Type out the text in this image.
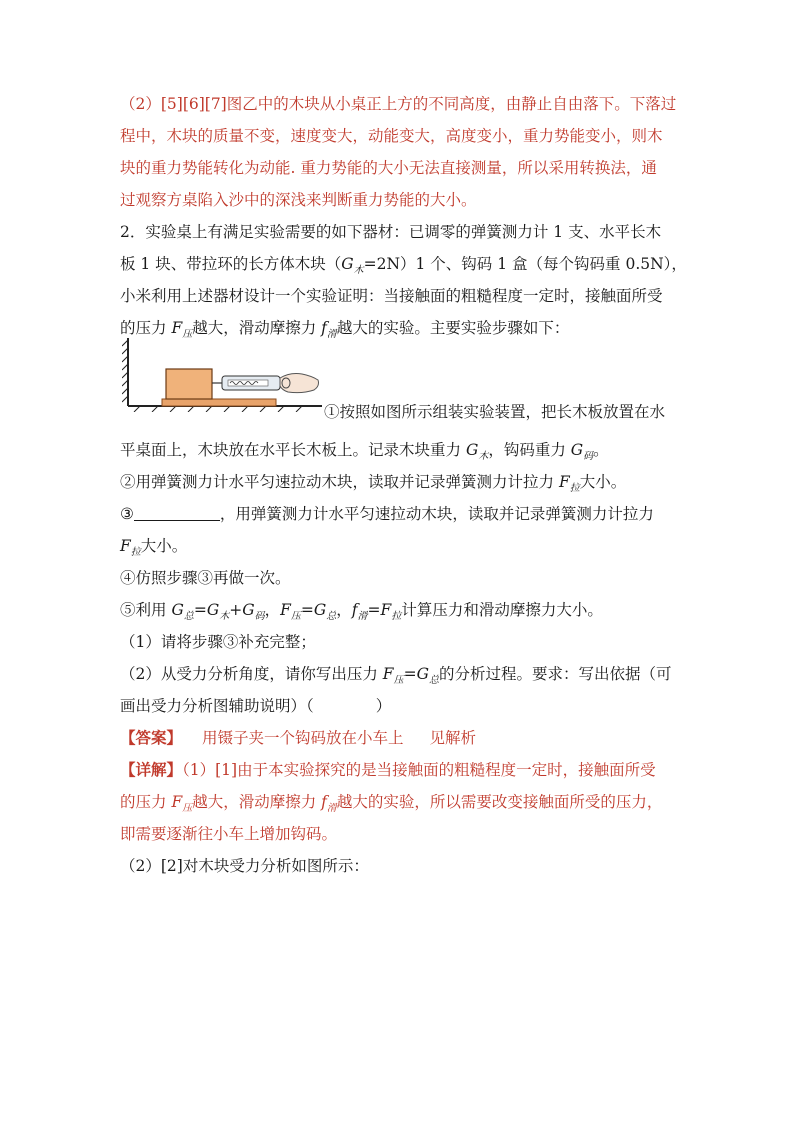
（2）[5][6][7]图乙中的木块从小桌正上方的不同高度，由静止自由落下。下落过
程中，木块的质量不变，速度变大，动能变大，高度变小，重力势能变小，则木
块的重力势能转化为动能. 重力势能的大小无法直接测量，所以采用转换法，通
过观察方桌陷入沙中的深浅来判断重力势能的大小。
2．实验桌上有满足实验需要的如下器材：已调零的弹簧测力计 1 支、水平长木
板 1 块、带拉环的长方体木块$(G_木=2N)1$ 个、钩码 1 盒（每个钩码重 0.5N），
小米利用上述器材设计一个实验证明：当接触面的粗糙程度一定时，接触面所受
的压力 $F_压$越大，滑动摩擦力 $f_滑$越大的实验。主要实验步骤如下：
①按照如图所示组装实验装置，把长木板放置在水
平桌面上，木块放在水平长木板上。记录木块重力 $G_木$，钩码重力 $G_码$。
②用弹簧测力计水平匀速拉动木块，读取并记录弹簧测力计拉力 $F_拉$大小。
③	，用弹簧测力计水平匀速拉动木块，读取并记录弹簧测力计拉力
$F_拉$大小。
④仿照步骤③再做一次。
⑤利用 $G_总=G_木+G_码$，$F_压=G_总$，$f_滑=F_拉$计算压力和滑动摩擦力大小。
（1）请将步骤③补充完整；
（2）从受力分析角度，请你写出压力 $F_压=G_总$的分析过程。要求：写出依据（可
画出受力分析图辅助说明）（　　　　）
【答案】 用镊子夹一个钩码放在小车上 见解析
【详解】（1）[1]由于本实验探究的是当接触面的粗糙程度一定时，接触面所受
的压力 $F_压$越大，滑动摩擦力 $f_滑$越大的实验，所以需要改变接触面所受的压力，
即需要逐渐往小车上增加钩码。
（2）[2]对木块受力分析如图所示：
